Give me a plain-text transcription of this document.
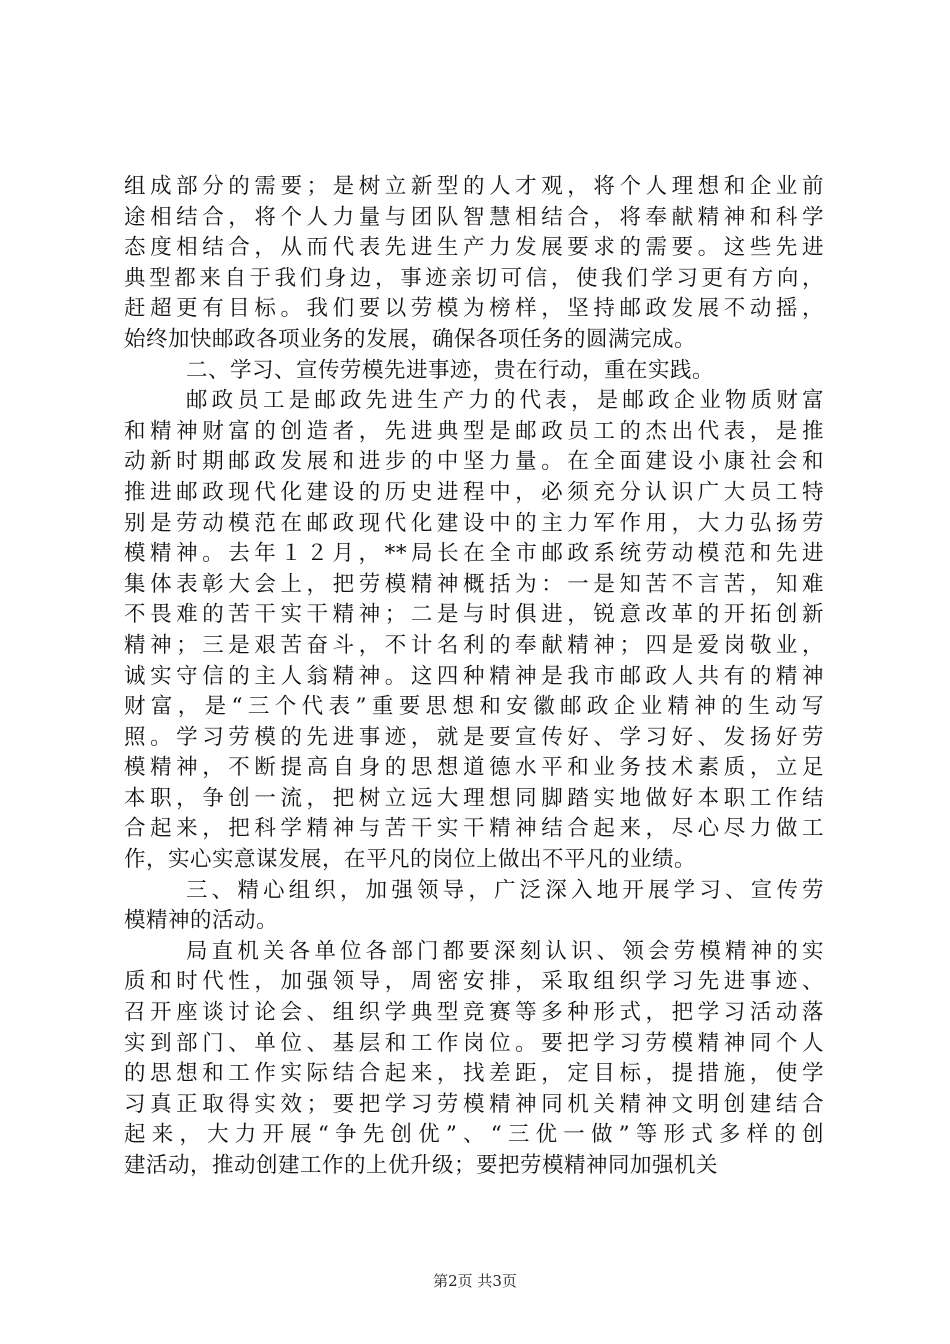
组成部分的需要；是树立新型的人才观，将个人理想和企业前
途相结合，将个人力量与团队智慧相结合，将奉献精神和科学
态度相结合，从而代表先进生产力发展要求的需要。这些先进
典型都来自于我们身边，事迹亲切可信，使我们学习更有方向，
赶超更有目标。我们要以劳模为榜样，坚持邮政发展不动摇，
始终加快邮政各项业务的发展，确保各项任务的圆满完成。
二、学习、宣传劳模先进事迹，贵在行动，重在实践。
邮政员工是邮政先进生产力的代表，是邮政企业物质财富
和精神财富的创造者，先进典型是邮政员工的杰出代表，是推
动新时期邮政发展和进步的中坚力量。在全面建设小康社会和
推进邮政现代化建设的历史进程中，必须充分认识广大员工特
别是劳动模范在邮政现代化建设中的主力军作用，大力弘扬劳
模精神。去年１２月，**局长在全市邮政系统劳动模范和先进
集体表彰大会上，把劳模精神概括为：一是知苦不言苦，知难
不畏难的苦干实干精神；二是与时俱进，锐意改革的开拓创新
精神；三是艰苦奋斗，不计名利的奉献精神；四是爱岗敬业，
诚实守信的主人翁精神。这四种精神是我市邮政人共有的精神
财富，是“三个代表”重要思想和安徽邮政企业精神的生动写
照。学习劳模的先进事迹，就是要宣传好、学习好、发扬好劳
模精神，不断提高自身的思想道德水平和业务技术素质，立足
本职，争创一流，把树立远大理想同脚踏实地做好本职工作结
合起来，把科学精神与苦干实干精神结合起来，尽心尽力做工
作，实心实意谋发展，在平凡的岗位上做出不平凡的业绩。
三、精心组织，加强领导，广泛深入地开展学习、宣传劳
模精神的活动。
局直机关各单位各部门都要深刻认识、领会劳模精神的实
质和时代性，加强领导，周密安排，采取组织学习先进事迹、
召开座谈讨论会、组织学典型竞赛等多种形式，把学习活动落
实到部门、单位、基层和工作岗位。要把学习劳模精神同个人
的思想和工作实际结合起来，找差距，定目标，提措施，使学
习真正取得实效；要把学习劳模精神同机关精神文明创建结合
起来，大力开展“争先创优”、“三优一做”等形式多样的创
建活动，推动创建工作的上优升级；要把劳模精神同加强机关
第2页 共3页
